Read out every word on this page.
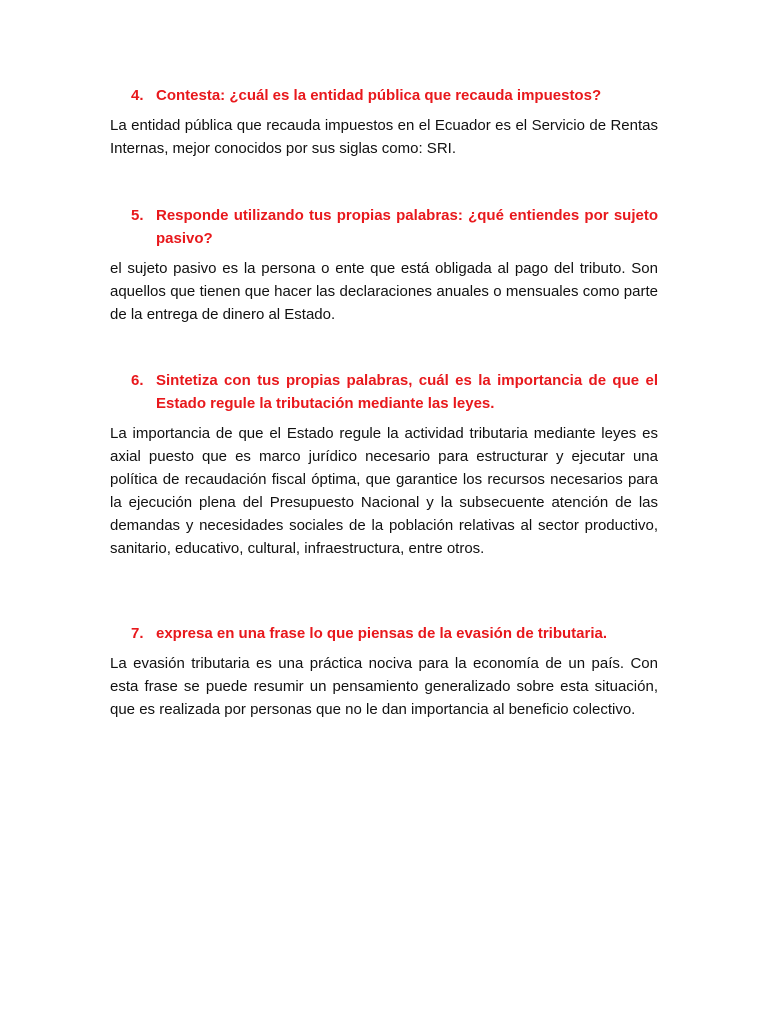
4. Contesta: ¿cuál es la entidad pública que recauda impuestos?

La entidad pública que recauda impuestos en el Ecuador es el Servicio de Rentas Internas, mejor conocidos por sus siglas como: SRI.

5. Responde utilizando tus propias palabras: ¿qué entiendes por sujeto pasivo?

el sujeto pasivo es la persona o ente que está obligada al pago del tributo. Son aquellos que tienen que hacer las declaraciones anuales o mensuales como parte de la entrega de dinero al Estado.

6. Sintetiza con tus propias palabras, cuál es la importancia de que el Estado regule la tributación mediante las leyes.

La importancia de que el Estado regule la actividad tributaria mediante leyes es axial puesto que es marco jurídico necesario para estructurar y ejecutar una política de recaudación fiscal óptima, que garantice los recursos necesarios para la ejecución plena del Presupuesto Nacional y la subsecuente atención de las demandas y necesidades sociales de la población relativas al sector productivo, sanitario, educativo, cultural, infraestructura, entre otros.

7. expresa en una frase lo que piensas de la evasión de tributaria.

La evasión tributaria es una práctica nociva para la economía de un país. Con esta frase se puede resumir un pensamiento generalizado sobre esta situación, que es realizada por personas que no le dan importancia al beneficio colectivo.
